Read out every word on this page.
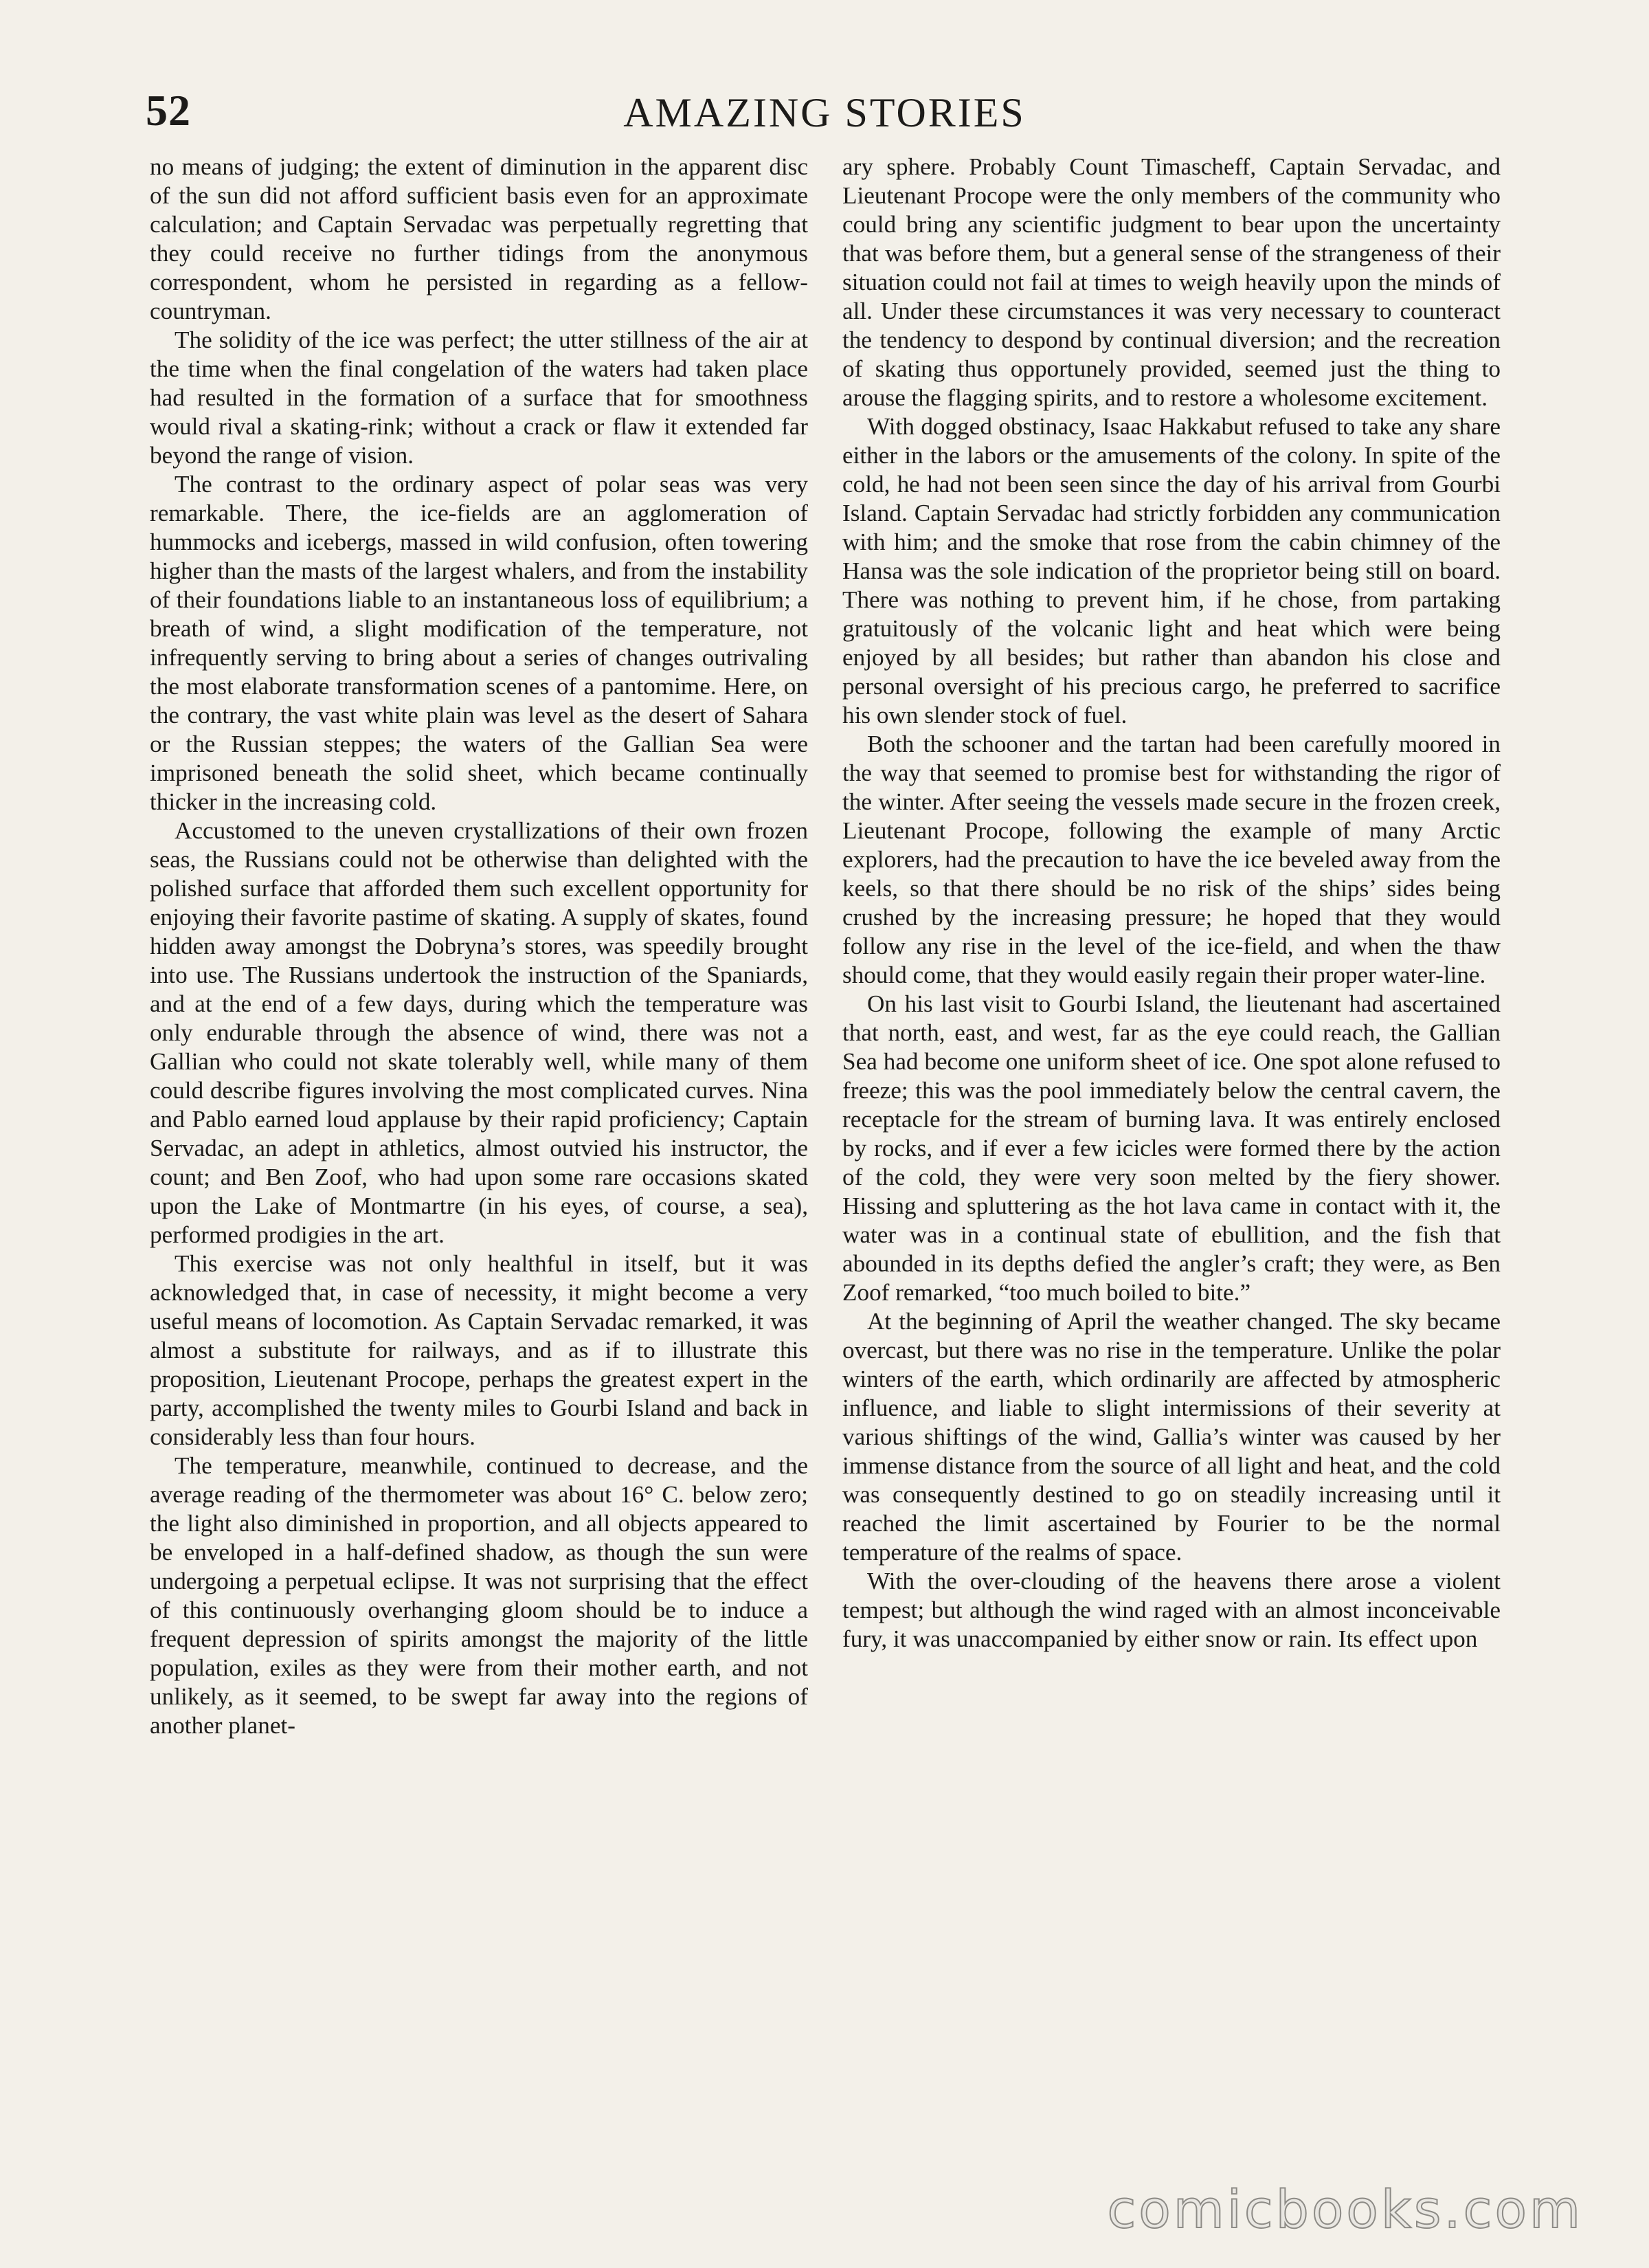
52	AMAZING STORIES

no means of judging; the extent of diminution in the apparent disc of the sun did not afford sufficient basis even for an approximate calculation; and Captain Servadac was perpetually regretting that they could receive no further tidings from the anonymous correspondent, whom he persisted in regarding as a fellow-countryman.

The solidity of the ice was perfect; the utter stillness of the air at the time when the final congelation of the waters had taken place had resulted in the formation of a surface that for smoothness would rival a skating-rink; without a crack or flaw it extended far beyond the range of vision.

The contrast to the ordinary aspect of polar seas was very remarkable. There, the ice-fields are an agglomeration of hummocks and icebergs, massed in wild confusion, often towering higher than the masts of the largest whalers, and from the instability of their foundations liable to an instantaneous loss of equilibrium; a breath of wind, a slight modification of the temperature, not infrequently serving to bring about a series of changes outrivaling the most elaborate transformation scenes of a pantomime. Here, on the contrary, the vast white plain was level as the desert of Sahara or the Russian steppes; the waters of the Gallian Sea were imprisoned beneath the solid sheet, which became continually thicker in the increasing cold.

Accustomed to the uneven crystallizations of their own frozen seas, the Russians could not be otherwise than delighted with the polished surface that afforded them such excellent opportunity for enjoying their favorite pastime of skating. A supply of skates, found hidden away amongst the Dobryna’s stores, was speedily brought into use. The Russians undertook the instruction of the Spaniards, and at the end of a few days, during which the temperature was only endurable through the absence of wind, there was not a Gallian who could not skate tolerably well, while many of them could describe figures involving the most complicated curves. Nina and Pablo earned loud applause by their rapid proficiency; Captain Servadac, an adept in athletics, almost outvied his instructor, the count; and Ben Zoof, who had upon some rare occasions skated upon the Lake of Montmartre (in his eyes, of course, a sea), performed prodigies in the art.

This exercise was not only healthful in itself, but it was acknowledged that, in case of necessity, it might become a very useful means of locomotion. As Captain Servadac remarked, it was almost a substitute for railways, and as if to illustrate this proposition, Lieutenant Procope, perhaps the greatest expert in the party, accomplished the twenty miles to Gourbi Island and back in considerably less than four hours.

The temperature, meanwhile, continued to decrease, and the average reading of the thermometer was about 16° C. below zero; the light also diminished in proportion, and all objects appeared to be enveloped in a half-defined shadow, as though the sun were undergoing a perpetual eclipse. It was not surprising that the effect of this continuously overhanging gloom should be to induce a frequent depression of spirits amongst the majority of the little population, exiles as they were from their mother earth, and not unlikely, as it seemed, to be swept far away into the regions of another planet-

ary sphere. Probably Count Timascheff, Captain Servadac, and Lieutenant Procope were the only members of the community who could bring any scientific judgment to bear upon the uncertainty that was before them, but a general sense of the strangeness of their situation could not fail at times to weigh heavily upon the minds of all. Under these circumstances it was very necessary to counteract the tendency to despond by continual diversion; and the recreation of skating thus opportunely provided, seemed just the thing to arouse the flagging spirits, and to restore a wholesome excitement.

With dogged obstinacy, Isaac Hakkabut refused to take any share either in the labors or the amusements of the colony. In spite of the cold, he had not been seen since the day of his arrival from Gourbi Island. Captain Servadac had strictly forbidden any communication with him; and the smoke that rose from the cabin chimney of the Hansa was the sole indication of the proprietor being still on board. There was nothing to prevent him, if he chose, from partaking gratuitously of the volcanic light and heat which were being enjoyed by all besides; but rather than abandon his close and personal oversight of his precious cargo, he preferred to sacrifice his own slender stock of fuel.

Both the schooner and the tartan had been carefully moored in the way that seemed to promise best for withstanding the rigor of the winter. After seeing the vessels made secure in the frozen creek, Lieutenant Procope, following the example of many Arctic explorers, had the precaution to have the ice beveled away from the keels, so that there should be no risk of the ships’ sides being crushed by the increasing pressure; he hoped that they would follow any rise in the level of the ice-field, and when the thaw should come, that they would easily regain their proper water-line.

On his last visit to Gourbi Island, the lieutenant had ascertained that north, east, and west, far as the eye could reach, the Gallian Sea had become one uniform sheet of ice. One spot alone refused to freeze; this was the pool immediately below the central cavern, the receptacle for the stream of burning lava. It was entirely enclosed by rocks, and if ever a few icicles were formed there by the action of the cold, they were very soon melted by the fiery shower. Hissing and spluttering as the hot lava came in contact with it, the water was in a continual state of ebullition, and the fish that abounded in its depths defied the angler’s craft; they were, as Ben Zoof remarked, “too much boiled to bite.”

At the beginning of April the weather changed. The sky became overcast, but there was no rise in the temperature. Unlike the polar winters of the earth, which ordinarily are affected by atmospheric influence, and liable to slight intermissions of their severity at various shiftings of the wind, Gallia’s winter was caused by her immense distance from the source of all light and heat, and the cold was consequently destined to go on steadily increasing until it reached the limit ascertained by Fourier to be the normal temperature of the realms of space.

With the over-clouding of the heavens there arose a violent tempest; but although the wind raged with an almost inconceivable fury, it was unaccompanied by either snow or rain. Its effect upon

comicbooks.com
